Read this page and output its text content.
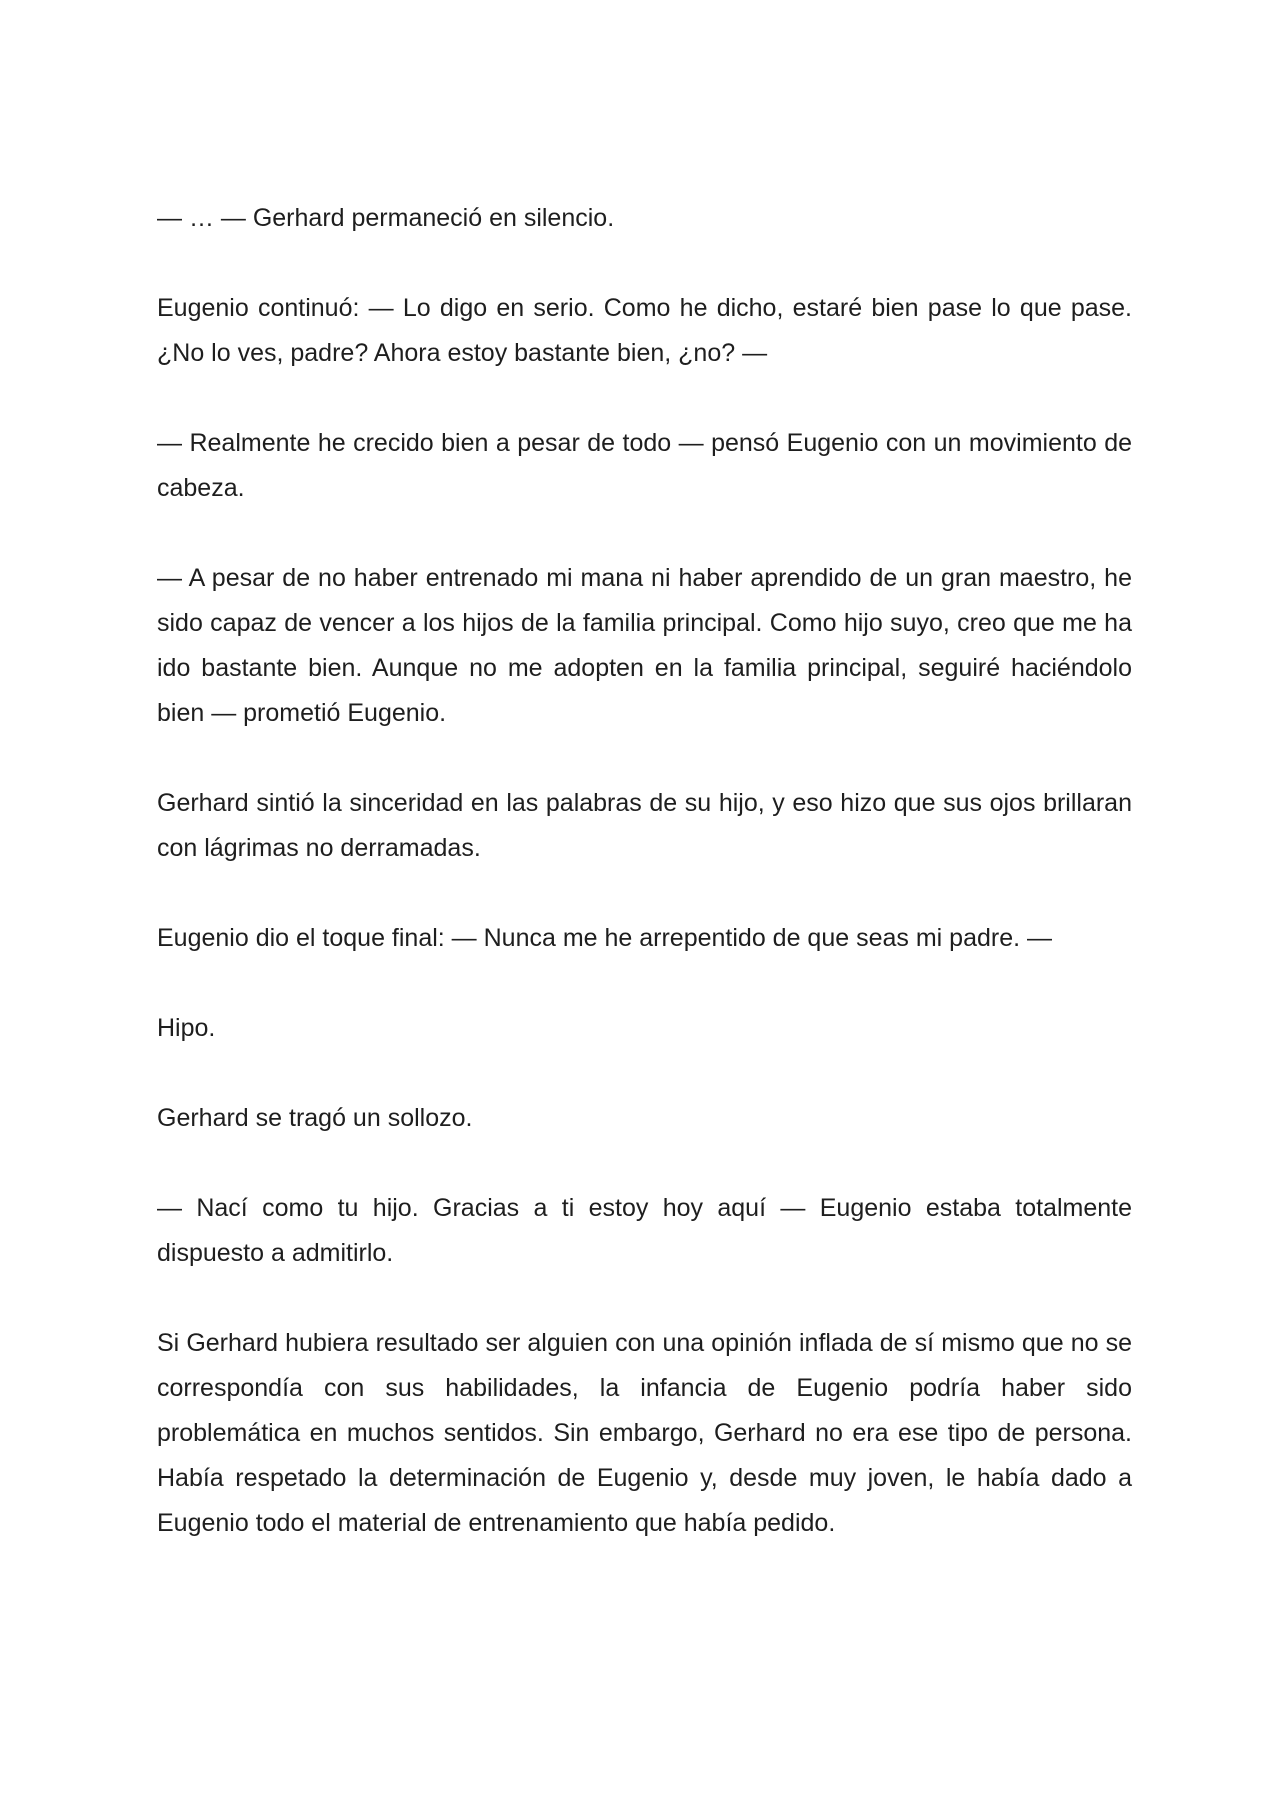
— … — Gerhard permaneció en silencio.

Eugenio continuó: — Lo digo en serio. Como he dicho, estaré bien pase lo que pase. ¿No lo ves, padre? Ahora estoy bastante bien, ¿no? —

— Realmente he crecido bien a pesar de todo — pensó Eugenio con un movimiento de cabeza.

— A pesar de no haber entrenado mi mana ni haber aprendido de un gran maestro, he sido capaz de vencer a los hijos de la familia principal. Como hijo suyo, creo que me ha ido bastante bien. Aunque no me adopten en la familia principal, seguiré haciéndolo bien — prometió Eugenio.

Gerhard sintió la sinceridad en las palabras de su hijo, y eso hizo que sus ojos brillaran con lágrimas no derramadas.

Eugenio dio el toque final: — Nunca me he arrepentido de que seas mi padre. —

Hipo.

Gerhard se tragó un sollozo.

— Nací como tu hijo. Gracias a ti estoy hoy aquí — Eugenio estaba totalmente dispuesto a admitirlo.

Si Gerhard hubiera resultado ser alguien con una opinión inflada de sí mismo que no se correspondía con sus habilidades, la infancia de Eugenio podría haber sido problemática en muchos sentidos. Sin embargo, Gerhard no era ese tipo de persona. Había respetado la determinación de Eugenio y, desde muy joven, le había dado a Eugenio todo el material de entrenamiento que había pedido.
